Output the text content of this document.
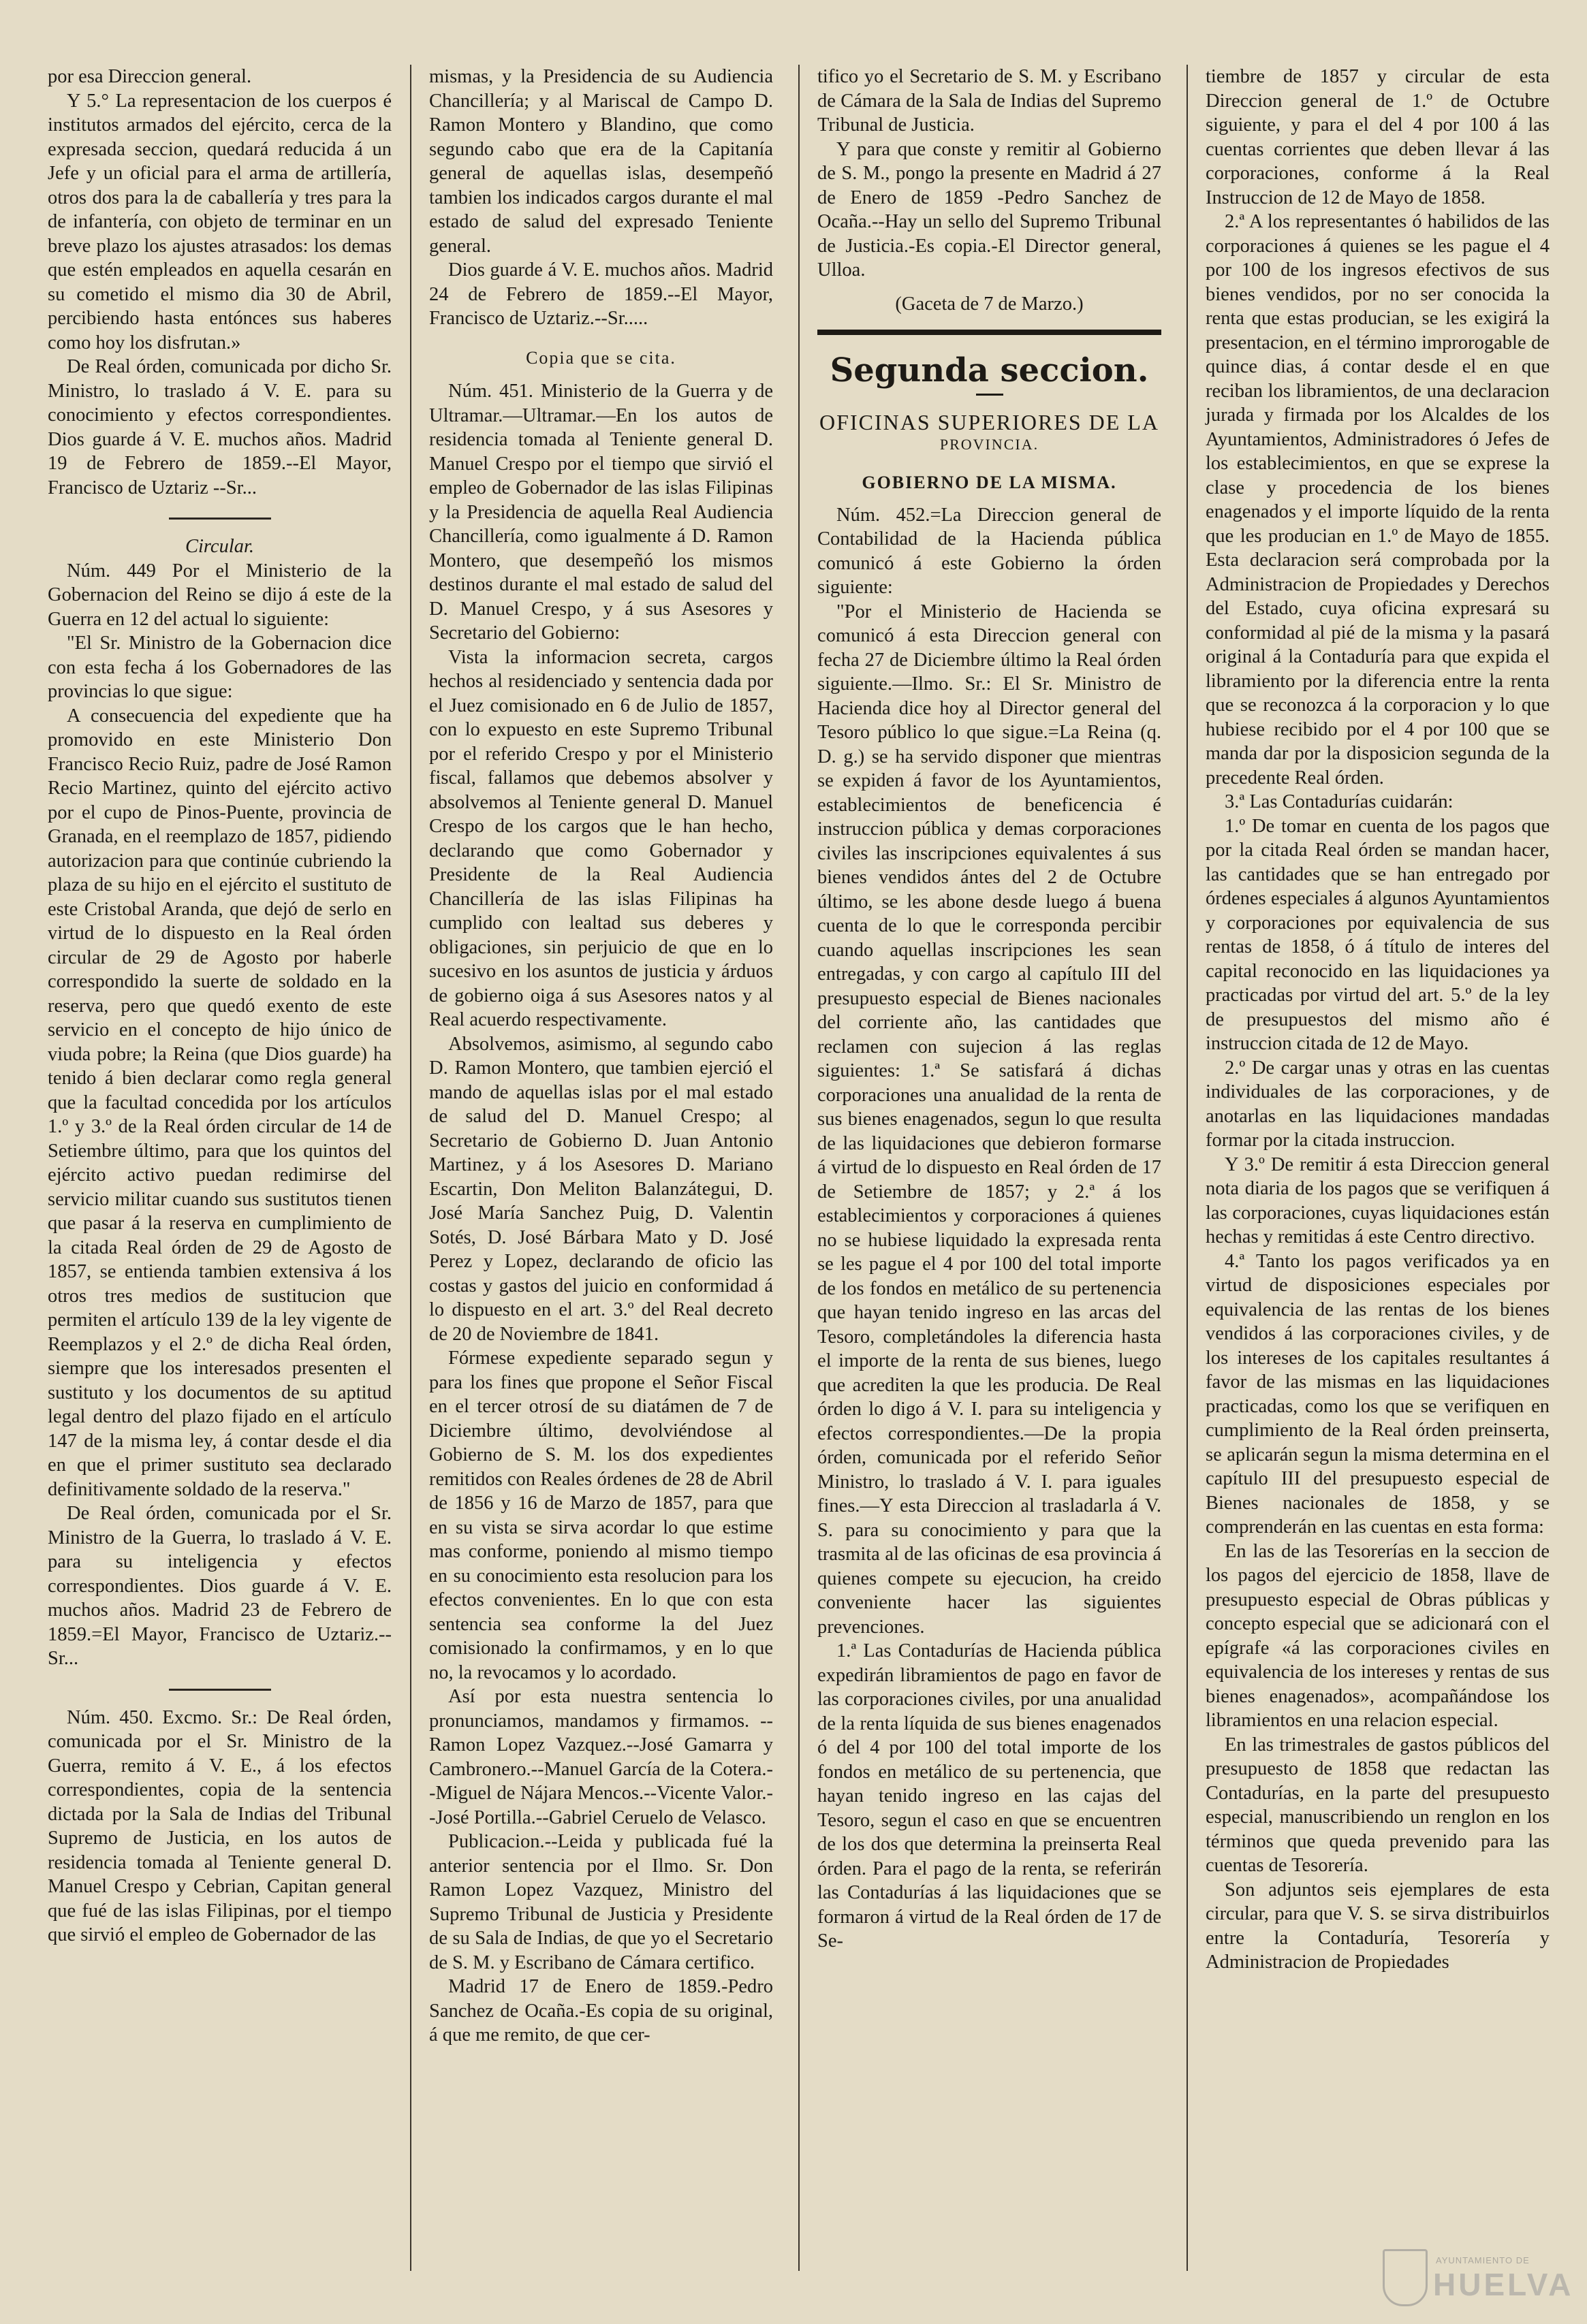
por esa Direccion general.

Y 5.° La representacion de los cuerpos é institutos armados del ejército, cerca de la expresada seccion, quedará reducida á un Jefe y un oficial para el arma de artillería, otros dos para la de caballería y tres para la de infantería, con objeto de terminar en un breve plazo los ajustes atrasados: los demas que estén empleados en aquella cesarán en su cometido el mismo dia 30 de Abril, percibiendo hasta entónces sus haberes como hoy los disfrutan.»

De Real órden, comunicada por dicho Sr. Ministro, lo traslado á V. E. para su conocimiento y efectos correspondientes. Dios guarde á V. E. muchos años. Madrid 19 de Febrero de 1859.--El Mayor, Francisco de Uztariz --Sr...

Circular.

Núm. 449 Por el Ministerio de la Gobernacion del Reino se dijo á este de la Guerra en 12 del actual lo siguiente:

"El Sr. Ministro de la Gobernacion dice con esta fecha á los Gobernadores de las provincias lo que sigue:

A consecuencia del expediente que ha promovido en este Ministerio Don Francisco Recio Ruiz, padre de José Ramon Recio Martinez, quinto del ejército activo por el cupo de Pinos-Puente, provincia de Granada, en el reemplazo de 1857, pidiendo autorizacion para que continúe cubriendo la plaza de su hijo en el ejército el sustituto de este Cristobal Aranda, que dejó de serlo en virtud de lo dispuesto en la Real órden circular de 29 de Agosto por haberle correspondido la suerte de soldado en la reserva, pero que quedó exento de este servicio en el concepto de hijo único de viuda pobre; la Reina (que Dios guarde) ha tenido á bien declarar como regla general que la facultad concedida por los artículos 1.º y 3.º de la Real órden circular de 14 de Setiembre último, para que los quintos del ejército activo puedan redimirse del servicio militar cuando sus sustitutos tienen que pasar á la reserva en cumplimiento de la citada Real órden de 29 de Agosto de 1857, se entienda tambien extensiva á los otros tres medios de sustitucion que permiten el artículo 139 de la ley vigente de Reemplazos y el 2.º de dicha Real órden, siempre que los interesados presenten el sustituto y los documentos de su aptitud legal dentro del plazo fijado en el artículo 147 de la misma ley, á contar desde el dia en que el primer sustituto sea declarado definitivamente soldado de la reserva."

De Real órden, comunicada por el Sr. Ministro de la Guerra, lo traslado á V. E. para su inteligencia y efectos correspondientes. Dios guarde á V. E. muchos años. Madrid 23 de Febrero de 1859.=El Mayor, Francisco de Uztariz.--Sr...

Núm. 450. Excmo. Sr.: De Real órden, comunicada por el Sr. Ministro de la Guerra, remito á V. E., á los efectos correspondientes, copia de la sentencia dictada por la Sala de Indias del Tribunal Supremo de Justicia, en los autos de residencia tomada al Teniente general D. Manuel Crespo y Cebrian, Capitan general que fué de las islas Filipinas, por el tiempo que sirvió el empleo de Gobernador de las

mismas, y la Presidencia de su Audiencia Chancillería; y al Mariscal de Campo D. Ramon Montero y Blandino, que como segundo cabo que era de la Capitanía general de aquellas islas, desempeñó tambien los indicados cargos durante el mal estado de salud del expresado Teniente general.

Dios guarde á V. E. muchos años. Madrid 24 de Febrero de 1859.--El Mayor, Francisco de Uztariz.--Sr.....

Copia que se cita.

Núm. 451. Ministerio de la Guerra y de Ultramar.—Ultramar.—En los autos de residencia tomada al Teniente general D. Manuel Crespo por el tiempo que sirvió el empleo de Gobernador de las islas Filipinas y la Presidencia de aquella Real Audiencia Chancillería, como igualmente á D. Ramon Montero, que desempeñó los mismos destinos durante el mal estado de salud del D. Manuel Crespo, y á sus Asesores y Secretario del Gobierno:

Vista la informacion secreta, cargos hechos al residenciado y sentencia dada por el Juez comisionado en 6 de Julio de 1857, con lo expuesto en este Supremo Tribunal por el referido Crespo y por el Ministerio fiscal, fallamos que debemos absolver y absolvemos al Teniente general D. Manuel Crespo de los cargos que le han hecho, declarando que como Gobernador y Presidente de la Real Audiencia Chancillería de las islas Filipinas ha cumplido con lealtad sus deberes y obligaciones, sin perjuicio de que en lo sucesivo en los asuntos de justicia y árduos de gobierno oiga á sus Asesores natos y al Real acuerdo respectivamente.

Absolvemos, asimismo, al segundo cabo D. Ramon Montero, que tambien ejerció el mando de aquellas islas por el mal estado de salud del D. Manuel Crespo; al Secretario de Gobierno D. Juan Antonio Martinez, y á los Asesores D. Mariano Escartin, Don Meliton Balanzátegui, D. José María Sanchez Puig, D. Valentin Sotés, D. José Bárbara Mato y D. José Perez y Lopez, declarando de oficio las costas y gastos del juicio en conformidad á lo dispuesto en el art. 3.º del Real decreto de 20 de Noviembre de 1841.

Fórmese expediente separado segun y para los fines que propone el Señor Fiscal en el tercer otrosí de su diatámen de 7 de Diciembre último, devolviéndose al Gobierno de S. M. los dos expedientes remitidos con Reales órdenes de 28 de Abril de 1856 y 16 de Marzo de 1857, para que en su vista se sirva acordar lo que estime mas conforme, poniendo al mismo tiempo en su conocimiento esta resolucion para los efectos convenientes. En lo que con esta sentencia sea conforme la del Juez comisionado la confirmamos, y en lo que no, la revocamos y lo acordado.

Así por esta nuestra sentencia lo pronunciamos, mandamos y firmamos. --Ramon Lopez Vazquez.--José Gamarra y Cambronero.--Manuel García de la Cotera.--Miguel de Nájara Mencos.--Vicente Valor.--José Portilla.--Gabriel Ceruelo de Velasco.

Publicacion.--Leida y publicada fué la anterior sentencia por el Ilmo. Sr. Don Ramon Lopez Vazquez, Ministro del Supremo Tribunal de Justicia y Presidente de su Sala de Indias, de que yo el Secretario de S. M. y Escribano de Cámara certifico.

Madrid 17 de Enero de 1859.-Pedro Sanchez de Ocaña.-Es copia de su original, á que me remito, de que cer-

tifico yo el Secretario de S. M. y Escribano de Cámara de la Sala de Indias del Supremo Tribunal de Justicia.

Y para que conste y remitir al Gobierno de S. M., pongo la presente en Madrid á 27 de Enero de 1859 -Pedro Sanchez de Ocaña.--Hay un sello del Supremo Tribunal de Justicia.-Es copia.-El Director general, Ulloa.

(Gaceta de 7 de Marzo.)

Segunda seccion.
OFICINAS SUPERIORES DE LA
PROVINCIA.
GOBIERNO DE LA MISMA.

Núm. 452.=La Direccion general de Contabilidad de la Hacienda pública comunicó á este Gobierno la órden siguiente:

"Por el Ministerio de Hacienda se comunicó á esta Direccion general con fecha 27 de Diciembre último la Real órden siguiente.—Ilmo. Sr.: El Sr. Ministro de Hacienda dice hoy al Director general del Tesoro público lo que sigue.=La Reina (q. D. g.) se ha servido disponer que mientras se expiden á favor de los Ayuntamientos, establecimientos de beneficencia é instruccion pública y demas corporaciones civiles las inscripciones equivalentes á sus bienes vendidos ántes del 2 de Octubre último, se les abone desde luego á buena cuenta de lo que le corresponda percibir cuando aquellas inscripciones les sean entregadas, y con cargo al capítulo III del presupuesto especial de Bienes nacionales del corriente año, las cantidades que reclamen con sujecion á las reglas siguientes: 1.ª Se satisfará á dichas corporaciones una anualidad de la renta de sus bienes enagenados, segun lo que resulta de las liquidaciones que debieron formarse á virtud de lo dispuesto en Real órden de 17 de Setiembre de 1857; y 2.ª á los establecimientos y corporaciones á quienes no se hubiese liquidado la expresada renta se les pague el 4 por 100 del total importe de los fondos en metálico de su pertenencia que hayan tenido ingreso en las arcas del Tesoro, completándoles la diferencia hasta el importe de la renta de sus bienes, luego que acrediten la que les producia. De Real órden lo digo á V. I. para su inteligencia y efectos correspondientes.—De la propia órden, comunicada por el referido Señor Ministro, lo traslado á V. I. para iguales fines.—Y esta Direccion al trasladarla á V. S. para su conocimiento y para que la trasmita al de las oficinas de esa provincia á quienes compete su ejecucion, ha creido conveniente hacer las siguientes prevenciones.

1.ª Las Contadurías de Hacienda pública expedirán libramientos de pago en favor de las corporaciones civiles, por una anualidad de la renta líquida de sus bienes enagenados ó del 4 por 100 del total importe de los fondos en metálico de su pertenencia, que hayan tenido ingreso en las cajas del Tesoro, segun el caso en que se encuentren de los dos que determina la preinserta Real órden. Para el pago de la renta, se referirán las Contadurías á las liquidaciones que se formaron á virtud de la Real órden de 17 de Se-

tiembre de 1857 y circular de esta Direccion general de 1.º de Octubre siguiente, y para el del 4 por 100 á las cuentas corrientes que deben llevar á las corporaciones, conforme á la Real Instruccion de 12 de Mayo de 1858.

2.ª A los representantes ó habilidos de las corporaciones á quienes se les pague el 4 por 100 de los ingresos efectivos de sus bienes vendidos, por no ser conocida la renta que estas producian, se les exigirá la presentacion, en el término improrogable de quince dias, á contar desde el en que reciban los libramientos, de una declaracion jurada y firmada por los Alcaldes de los Ayuntamientos, Administradores ó Jefes de los establecimientos, en que se exprese la clase y procedencia de los bienes enagenados y el importe líquido de la renta que les producian en 1.º de Mayo de 1855. Esta declaracion será comprobada por la Administracion de Propiedades y Derechos del Estado, cuya oficina expresará su conformidad al pié de la misma y la pasará original á la Contaduría para que expida el libramiento por la diferencia entre la renta que se reconozca á la corporacion y lo que hubiese recibido por el 4 por 100 que se manda dar por la disposicion segunda de la precedente Real órden.

3.ª Las Contadurías cuidarán:

1.º De tomar en cuenta de los pagos que por la citada Real órden se mandan hacer, las cantidades que se han entregado por órdenes especiales á algunos Ayuntamientos y corporaciones por equivalencia de sus rentas de 1858, ó á título de interes del capital reconocido en las liquidaciones ya practicadas por virtud del art. 5.º de la ley de presupuestos del mismo año é instruccion citada de 12 de Mayo.

2.º De cargar unas y otras en las cuentas individuales de las corporaciones, y de anotarlas en las liquidaciones mandadas formar por la citada instruccion.

Y 3.º De remitir á esta Direccion general nota diaria de los pagos que se verifiquen á las corporaciones, cuyas liquidaciones están hechas y remitidas á este Centro directivo.

4.ª Tanto los pagos verificados ya en virtud de disposiciones especiales por equivalencia de las rentas de los bienes vendidos á las corporaciones civiles, y de los intereses de los capitales resultantes á favor de las mismas en las liquidaciones practicadas, como los que se verifiquen en cumplimiento de la Real órden preinserta, se aplicarán segun la misma determina en el capítulo III del presupuesto especial de Bienes nacionales de 1858, y se comprenderán en las cuentas en esta forma:

En las de las Tesorerías en la seccion de los pagos del ejercicio de 1858, llave de presupuesto especial de Obras públicas y concepto especial que se adicionará con el epígrafe «á las corporaciones civiles en equivalencia de los intereses y rentas de sus bienes enagenados», acompañándose los libramientos en una relacion especial.

En las trimestrales de gastos públicos del presupuesto de 1858 que redactan las Contadurías, en la parte del presupuesto especial, manuscribiendo un renglon en los términos que queda prevenido para las cuentas de Tesorería.

Son adjuntos seis ejemplares de esta circular, para que V. S. se sirva distribuirlos entre la Contaduría, Tesorería y Administracion de Propiedades

AYUNTAMIENTO DE
HUELVA
